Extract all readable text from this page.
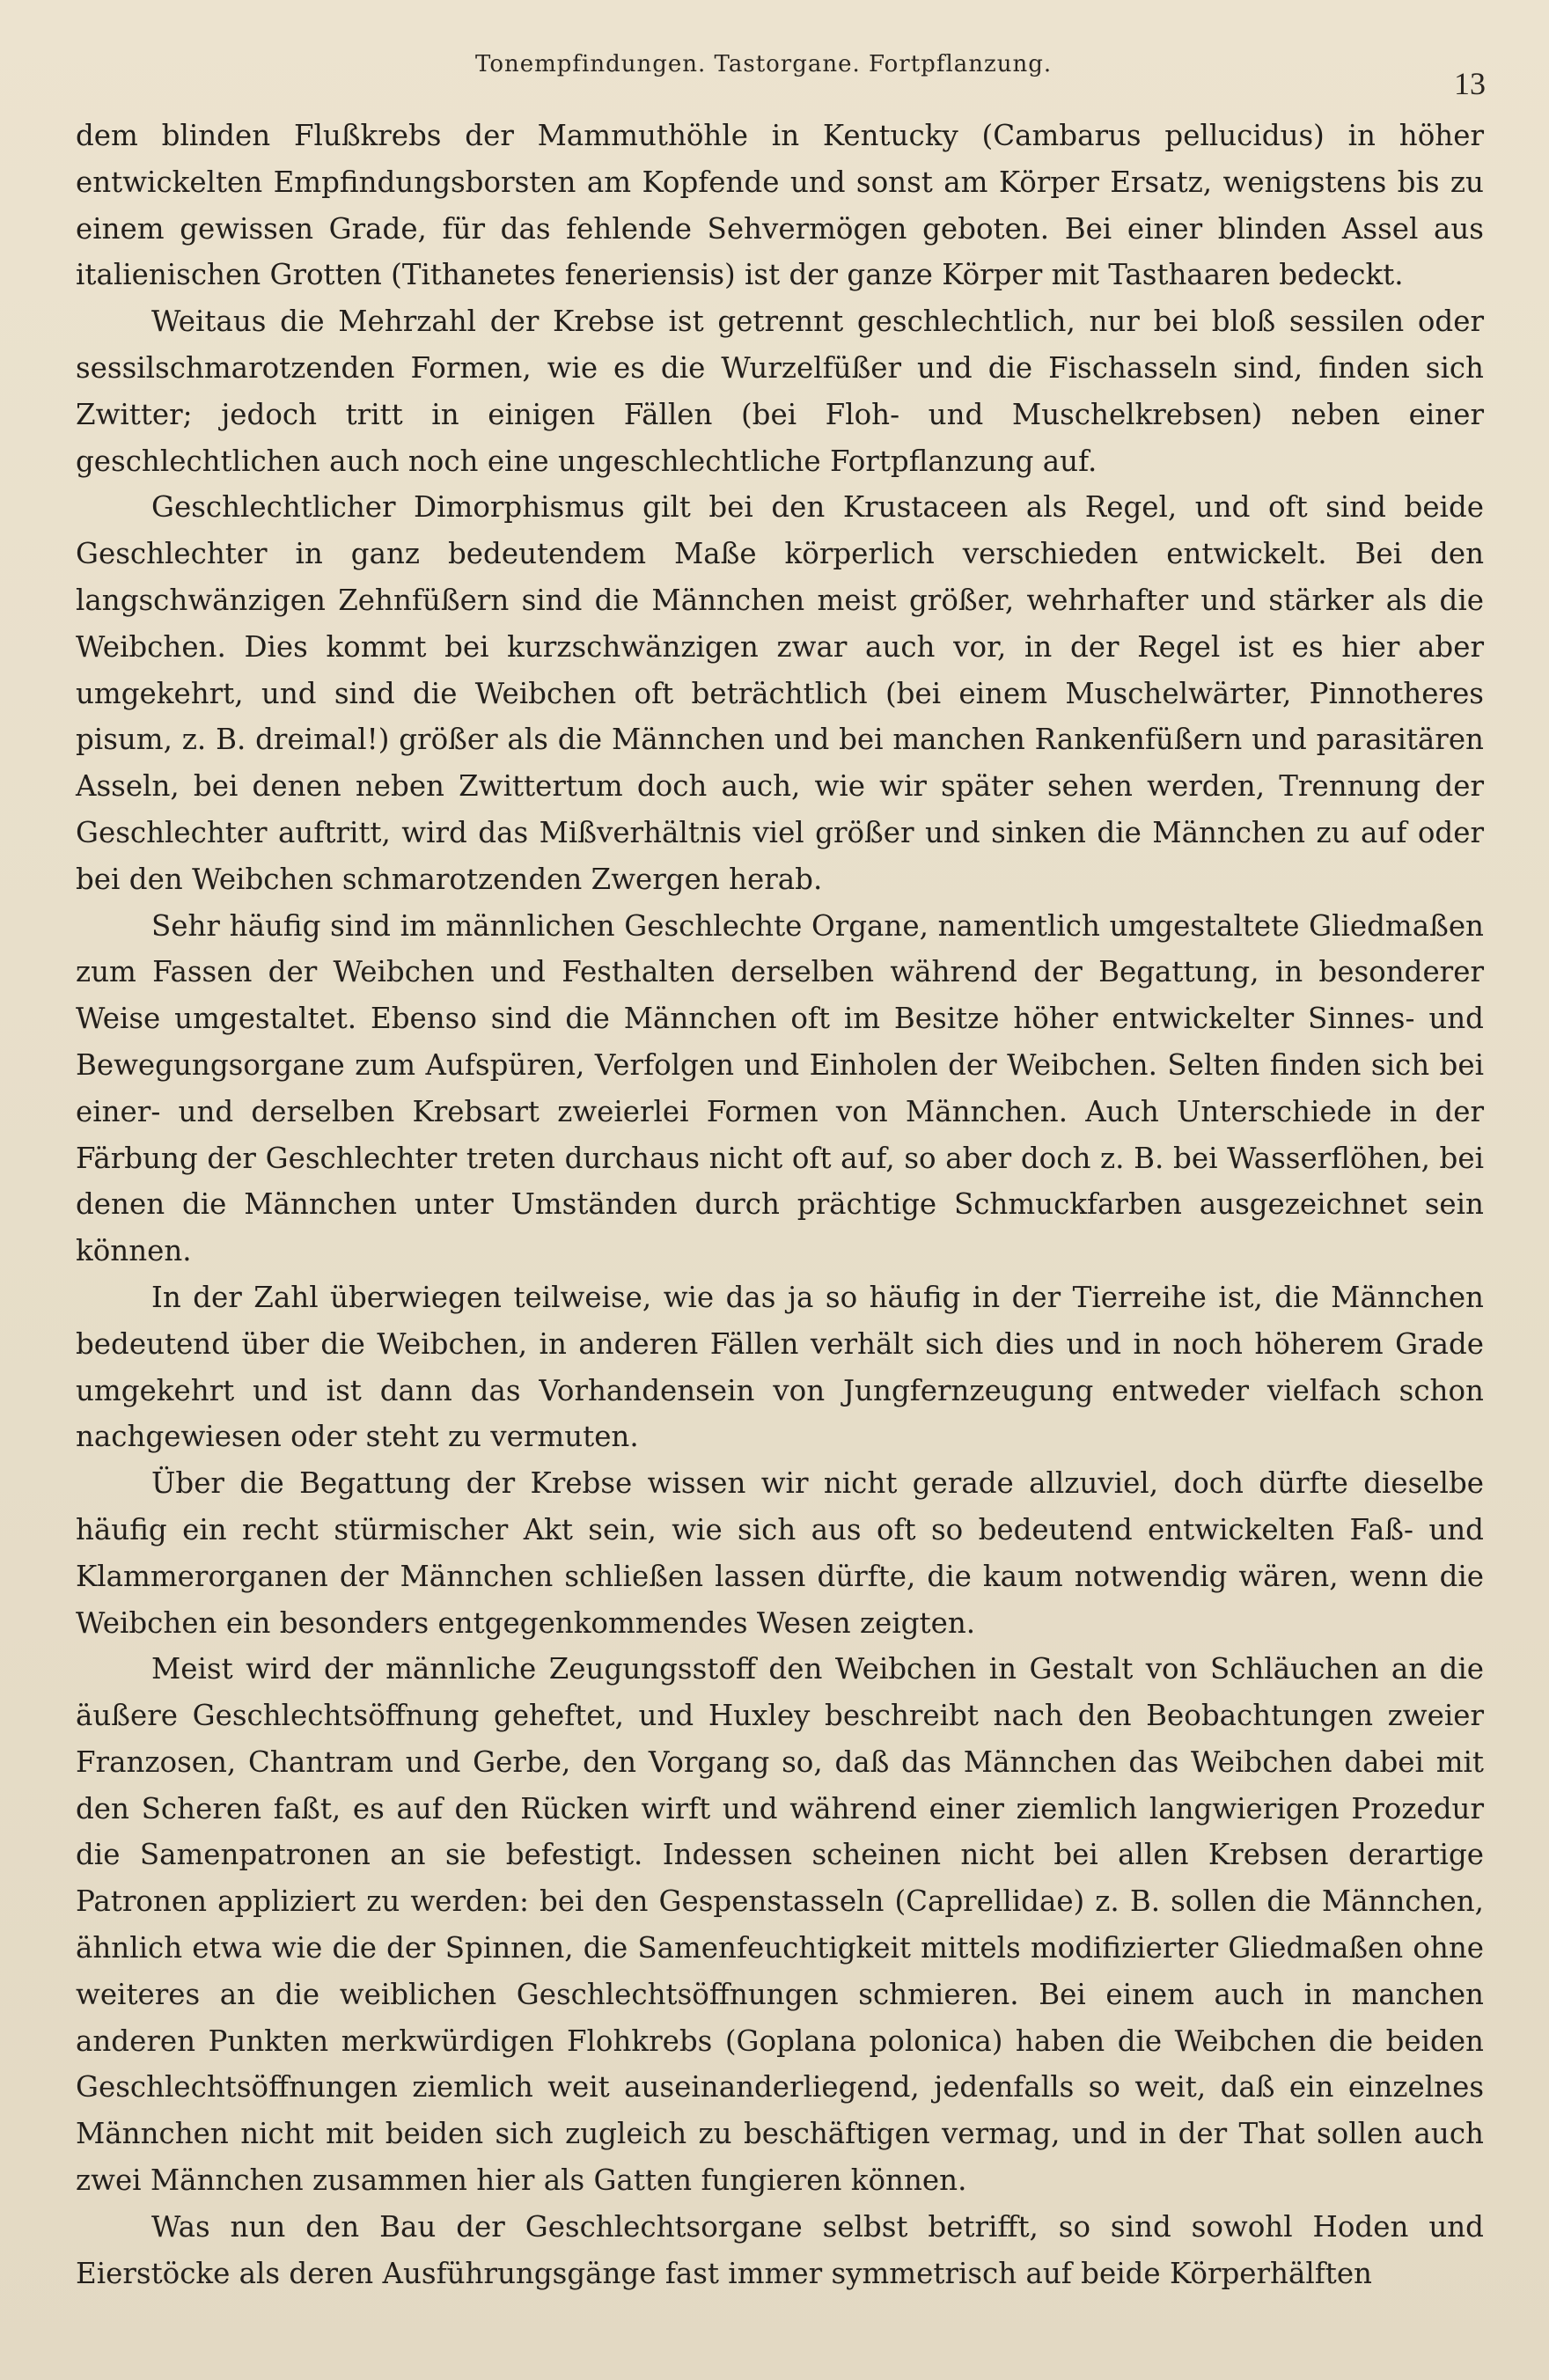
Tonempfindungen. Tastorgane. Fortpflanzung.
13

dem blinden Flußkrebs der Mammuthöhle in Kentucky (Cambarus pellucidus) in höher entwickelten Empfindungsborsten am Kopfende und sonst am Körper Ersatz, wenigstens bis zu einem gewissen Grade, für das fehlende Sehvermögen geboten. Bei einer blinden Assel aus italienischen Grotten (Tithanetes feneriensis) ist der ganze Körper mit Tasthaaren bedeckt.

Weitaus die Mehrzahl der Krebse ist getrennt geschlechtlich, nur bei bloß sessilen oder sessilschmarotzenden Formen, wie es die Wurzelfüßer und die Fischasseln sind, finden sich Zwitter; jedoch tritt in einigen Fällen (bei Floh- und Muschelkrebsen) neben einer geschlechtlichen auch noch eine ungeschlechtliche Fortpflanzung auf.

Geschlechtlicher Dimorphismus gilt bei den Krustaceen als Regel, und oft sind beide Geschlechter in ganz bedeutendem Maße körperlich verschieden entwickelt. Bei den langschwänzigen Zehnfüßern sind die Männchen meist größer, wehrhafter und stärker als die Weibchen. Dies kommt bei kurzschwänzigen zwar auch vor, in der Regel ist es hier aber umgekehrt, und sind die Weibchen oft beträchtlich (bei einem Muschelwärter, Pinnotheres pisum, z. B. dreimal!) größer als die Männchen und bei manchen Rankenfüßern und parasitären Asseln, bei denen neben Zwittertum doch auch, wie wir später sehen werden, Trennung der Geschlechter auftritt, wird das Mißverhältnis viel größer und sinken die Männchen zu auf oder bei den Weibchen schmarotzenden Zwergen herab.

Sehr häufig sind im männlichen Geschlechte Organe, namentlich umgestaltete Gliedmaßen zum Fassen der Weibchen und Festhalten derselben während der Begattung, in besonderer Weise umgestaltet. Ebenso sind die Männchen oft im Besitze höher entwickelter Sinnes- und Bewegungsorgane zum Aufspüren, Verfolgen und Einholen der Weibchen. Selten finden sich bei einer- und derselben Krebsart zweierlei Formen von Männchen. Auch Unterschiede in der Färbung der Geschlechter treten durchaus nicht oft auf, so aber doch z. B. bei Wasserflöhen, bei denen die Männchen unter Umständen durch prächtige Schmuckfarben ausgezeichnet sein können.

In der Zahl überwiegen teilweise, wie das ja so häufig in der Tierreihe ist, die Männchen bedeutend über die Weibchen, in anderen Fällen verhält sich dies und in noch höherem Grade umgekehrt und ist dann das Vorhandensein von Jungfernzeugung entweder vielfach schon nachgewiesen oder steht zu vermuten.

Über die Begattung der Krebse wissen wir nicht gerade allzuviel, doch dürfte dieselbe häufig ein recht stürmischer Akt sein, wie sich aus oft so bedeutend entwickelten Faß- und Klammerorganen der Männchen schließen lassen dürfte, die kaum notwendig wären, wenn die Weibchen ein besonders entgegenkommendes Wesen zeigten.

Meist wird der männliche Zeugungsstoff den Weibchen in Gestalt von Schläuchen an die äußere Geschlechtsöffnung geheftet, und Huxley beschreibt nach den Beobachtungen zweier Franzosen, Chantram und Gerbe, den Vorgang so, daß das Männchen das Weibchen dabei mit den Scheren faßt, es auf den Rücken wirft und während einer ziemlich langwierigen Prozedur die Samenpatronen an sie befestigt. Indessen scheinen nicht bei allen Krebsen derartige Patronen appliziert zu werden: bei den Gespenstasseln (Caprellidae) z. B. sollen die Männchen, ähnlich etwa wie die der Spinnen, die Samenfeuchtigkeit mittels modifizierter Gliedmaßen ohne weiteres an die weiblichen Geschlechtsöffnungen schmieren. Bei einem auch in manchen anderen Punkten merkwürdigen Flohkrebs (Goplana polonica) haben die Weibchen die beiden Geschlechtsöffnungen ziemlich weit auseinanderliegend, jedenfalls so weit, daß ein einzelnes Männchen nicht mit beiden sich zugleich zu beschäftigen vermag, und in der That sollen auch zwei Männchen zusammen hier als Gatten fungieren können.

Was nun den Bau der Geschlechtsorgane selbst betrifft, so sind sowohl Hoden und Eierstöcke als deren Ausführungsgänge fast immer symmetrisch auf beide Körperhälften
